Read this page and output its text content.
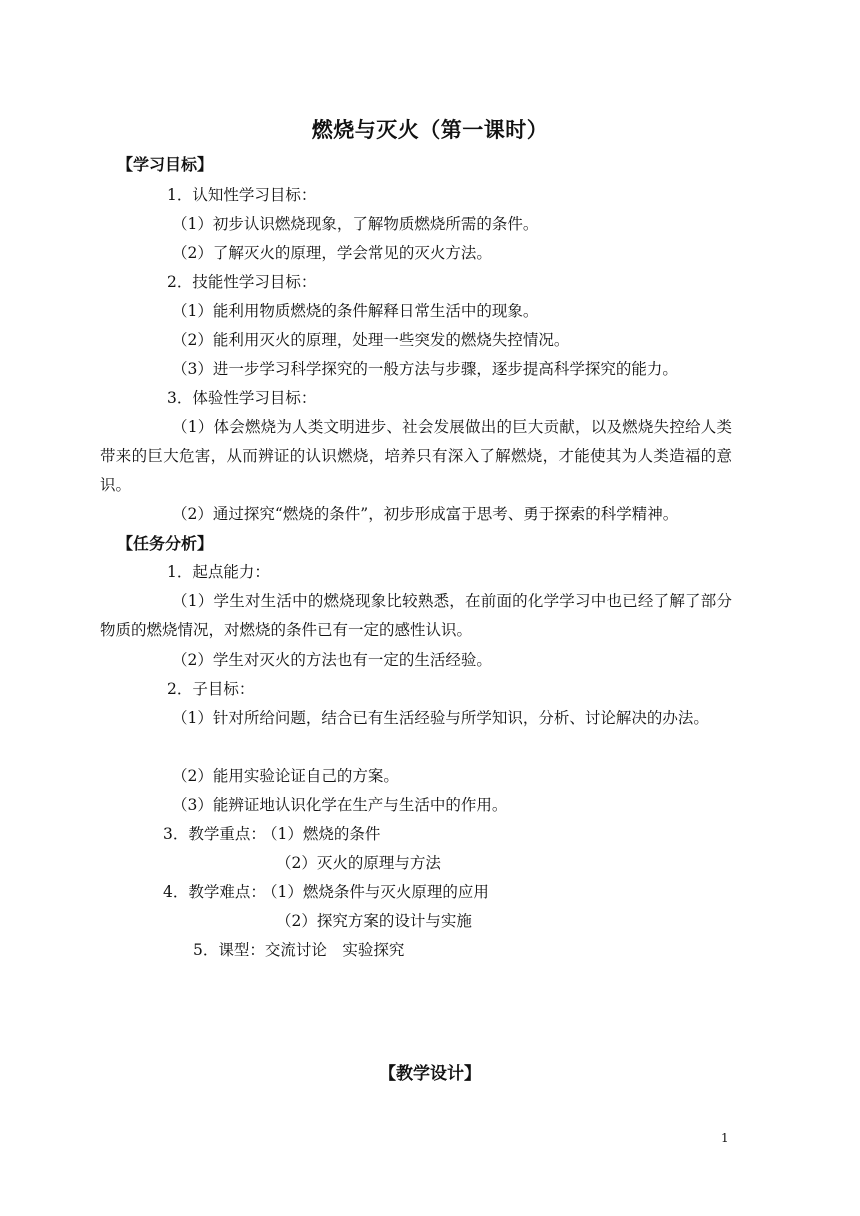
燃烧与灭火（第一课时）
【学习目标】
1．认知性学习目标：
（1）初步认识燃烧现象，了解物质燃烧所需的条件。
（2）了解灭火的原理，学会常见的灭火方法。
2．技能性学习目标：
（1）能利用物质燃烧的条件解释日常生活中的现象。
（2）能利用灭火的原理，处理一些突发的燃烧失控情况。
（3）进一步学习科学探究的一般方法与步骤，逐步提高科学探究的能力。
3．体验性学习目标：
（1）体会燃烧为人类文明进步、社会发展做出的巨大贡献，以及燃烧失控给人类带来的巨大危害，从而辨证的认识燃烧，培养只有深入了解燃烧，才能使其为人类造福的意识。
（2）通过探究“燃烧的条件”，初步形成富于思考、勇于探索的科学精神。
【任务分析】
1．起点能力：
（1）学生对生活中的燃烧现象比较熟悉，在前面的化学学习中也已经了解了部分物质的燃烧情况，对燃烧的条件已有一定的感性认识。
（2）学生对灭火的方法也有一定的生活经验。
2．子目标：
（1）针对所给问题，结合已有生活经验与所学知识，分析、讨论解决的办法。
（2）能用实验论证自己的方案。
（3）能辨证地认识化学在生产与生活中的作用。
3．教学重点：
（1）燃烧的条件
（2）灭火的原理与方法
4．教学难点：
（1）燃烧条件与灭火原理的应用
（2）探究方案的设计与实施
5．课型：交流讨论　实验探究
【教学设计】
1
